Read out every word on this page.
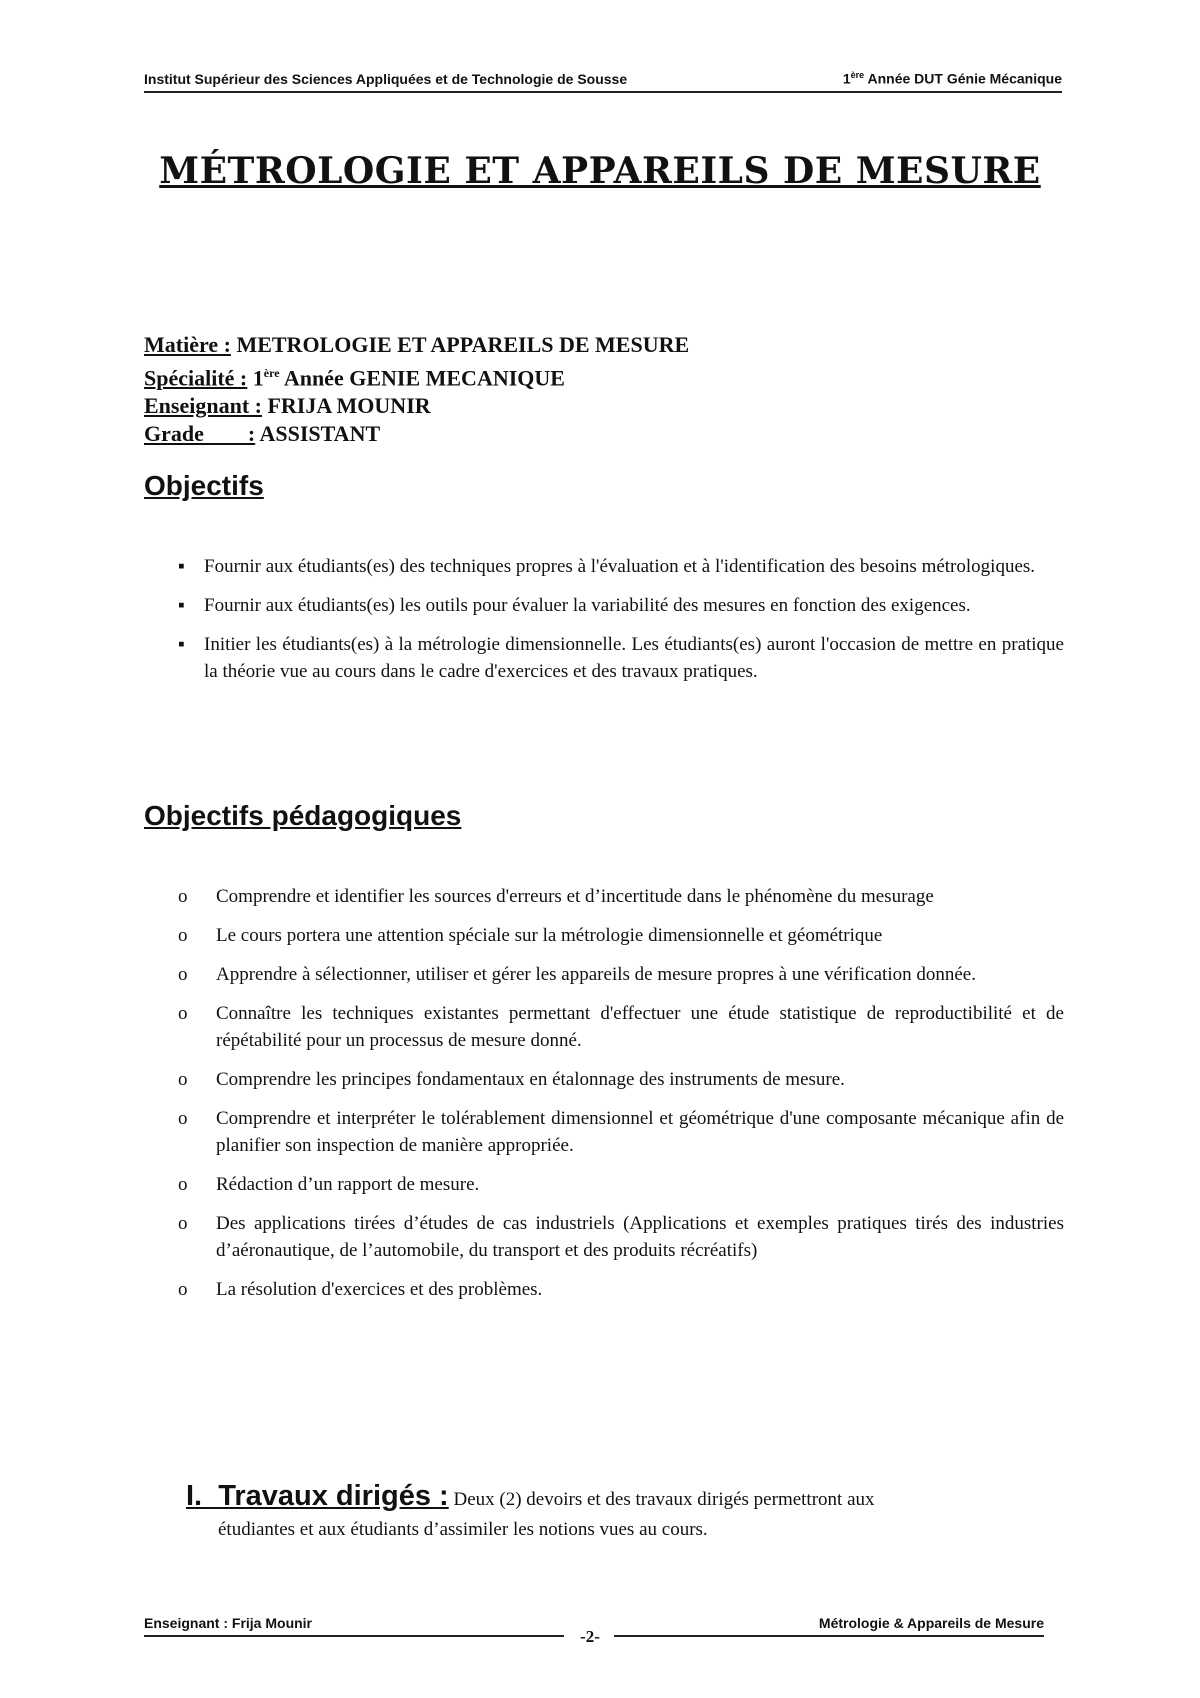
Institut Supérieur des Sciences Appliquées et de Technologie de Sousse	1ère Année DUT Génie Mécanique
MÉTROLOGIE ET APPAREILS DE MESURE
Matière : METROLOGIE ET APPAREILS DE MESURE
Spécialité : 1ère Année GENIE MECANIQUE
Enseignant : FRIJA MOUNIR
Grade        : ASSISTANT
Objectifs
▪	Fournir aux étudiants(es) des techniques propres à l'évaluation et à l'identification des besoins métrologiques.
▪	Fournir aux étudiants(es) les outils pour évaluer la variabilité des mesures en fonction des exigences.
▪	Initier les étudiants(es) à la métrologie dimensionnelle. Les étudiants(es) auront l'occasion de mettre en pratique la théorie vue au cours dans le cadre d'exercices et des travaux pratiques.
Objectifs pédagogiques
o	Comprendre et identifier les sources d'erreurs et d’incertitude dans le phénomène du mesurage
o	Le cours portera une attention spéciale sur la métrologie dimensionnelle et géométrique
o	Apprendre à sélectionner, utiliser et gérer les appareils de mesure propres à une vérification donnée.
o	Connaître les techniques existantes permettant d'effectuer une étude statistique de reproductibilité et de répétabilité pour un processus de mesure donné.
o	Comprendre les principes fondamentaux en étalonnage des instruments de mesure.
o	Comprendre et interpréter le tolérablement dimensionnel et géométrique d'une composante mécanique afin de planifier son inspection de manière appropriée.
o	Rédaction d’un rapport de mesure.
o	Des applications tirées d’études de cas industriels (Applications et exemples pratiques tirés des industries d’aéronautique, de l’automobile, du transport et des produits récréatifs)
o	La résolution d'exercices et des problèmes.
I.  Travaux dirigés : Deux (2) devoirs et des travaux dirigés permettront aux
étudiantes et aux étudiants d’assimiler les notions vues au cours.
Enseignant : Frija Mounir
-2-
Métrologie & Appareils de Mesure
